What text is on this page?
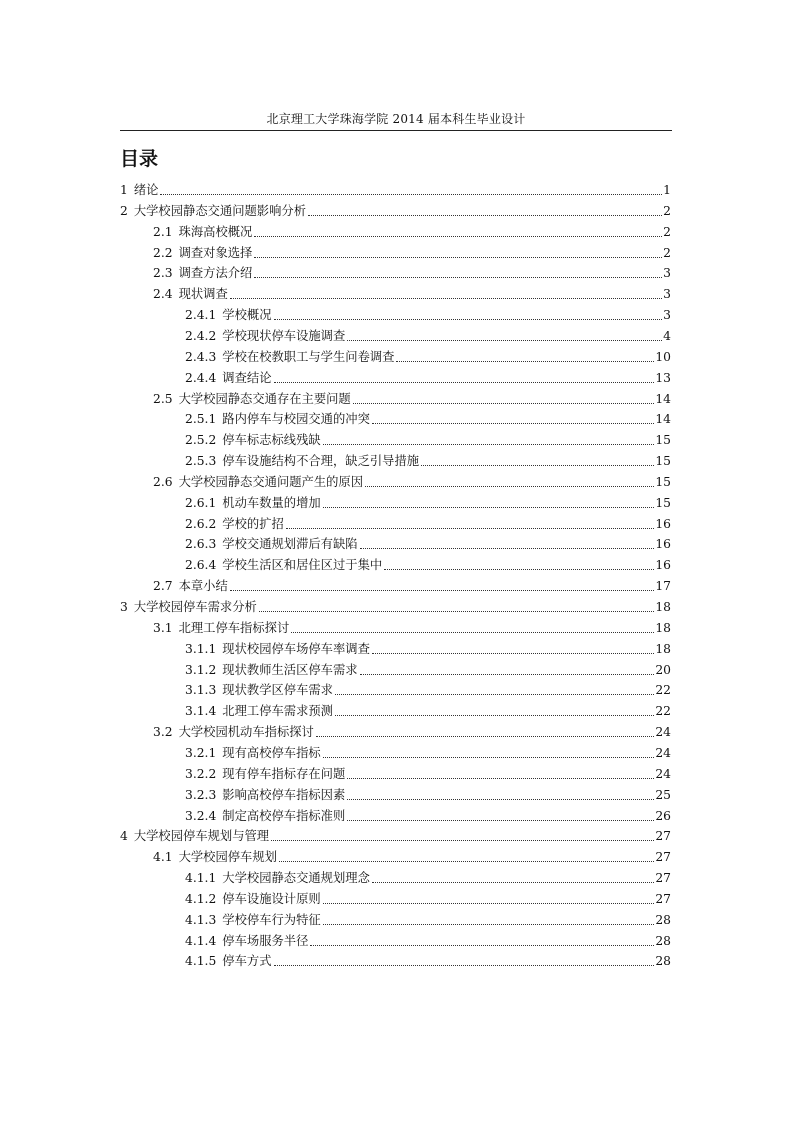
北京理工大学珠海学院 2014 届本科生毕业设计
目录
1 绪论	1
2 大学校园静态交通问题影响分析	2
2.1 珠海高校概况	2
2.2 调查对象选择	2
2.3 调查方法介绍	3
2.4 现状调查	3
2.4.1 学校概况	3
2.4.2 学校现状停车设施调查	4
2.4.3 学校在校教职工与学生问卷调查	10
2.4.4 调查结论	13
2.5 大学校园静态交通存在主要问题	14
2.5.1 路内停车与校园交通的冲突	14
2.5.2 停车标志标线残缺	15
2.5.3 停车设施结构不合理，缺乏引导措施	15
2.6 大学校园静态交通问题产生的原因	15
2.6.1 机动车数量的增加	15
2.6.2 学校的扩招	16
2.6.3 学校交通规划滞后有缺陷	16
2.6.4 学校生活区和居住区过于集中	16
2.7 本章小结	17
3 大学校园停车需求分析	18
3.1 北理工停车指标探讨	18
3.1.1 现状校园停车场停车率调查	18
3.1.2 现状教师生活区停车需求	20
3.1.3 现状教学区停车需求	22
3.1.4 北理工停车需求预测	22
3.2 大学校园机动车指标探讨	24
3.2.1 现有高校停车指标	24
3.2.2 现有停车指标存在问题	24
3.2.3 影响高校停车指标因素	25
3.2.4 制定高校停车指标准则	26
4 大学校园停车规划与管理	27
4.1 大学校园停车规划	27
4.1.1 大学校园静态交通规划理念	27
4.1.2 停车设施设计原则	27
4.1.3 学校停车行为特征	28
4.1.4 停车场服务半径	28
4.1.5 停车方式	28
